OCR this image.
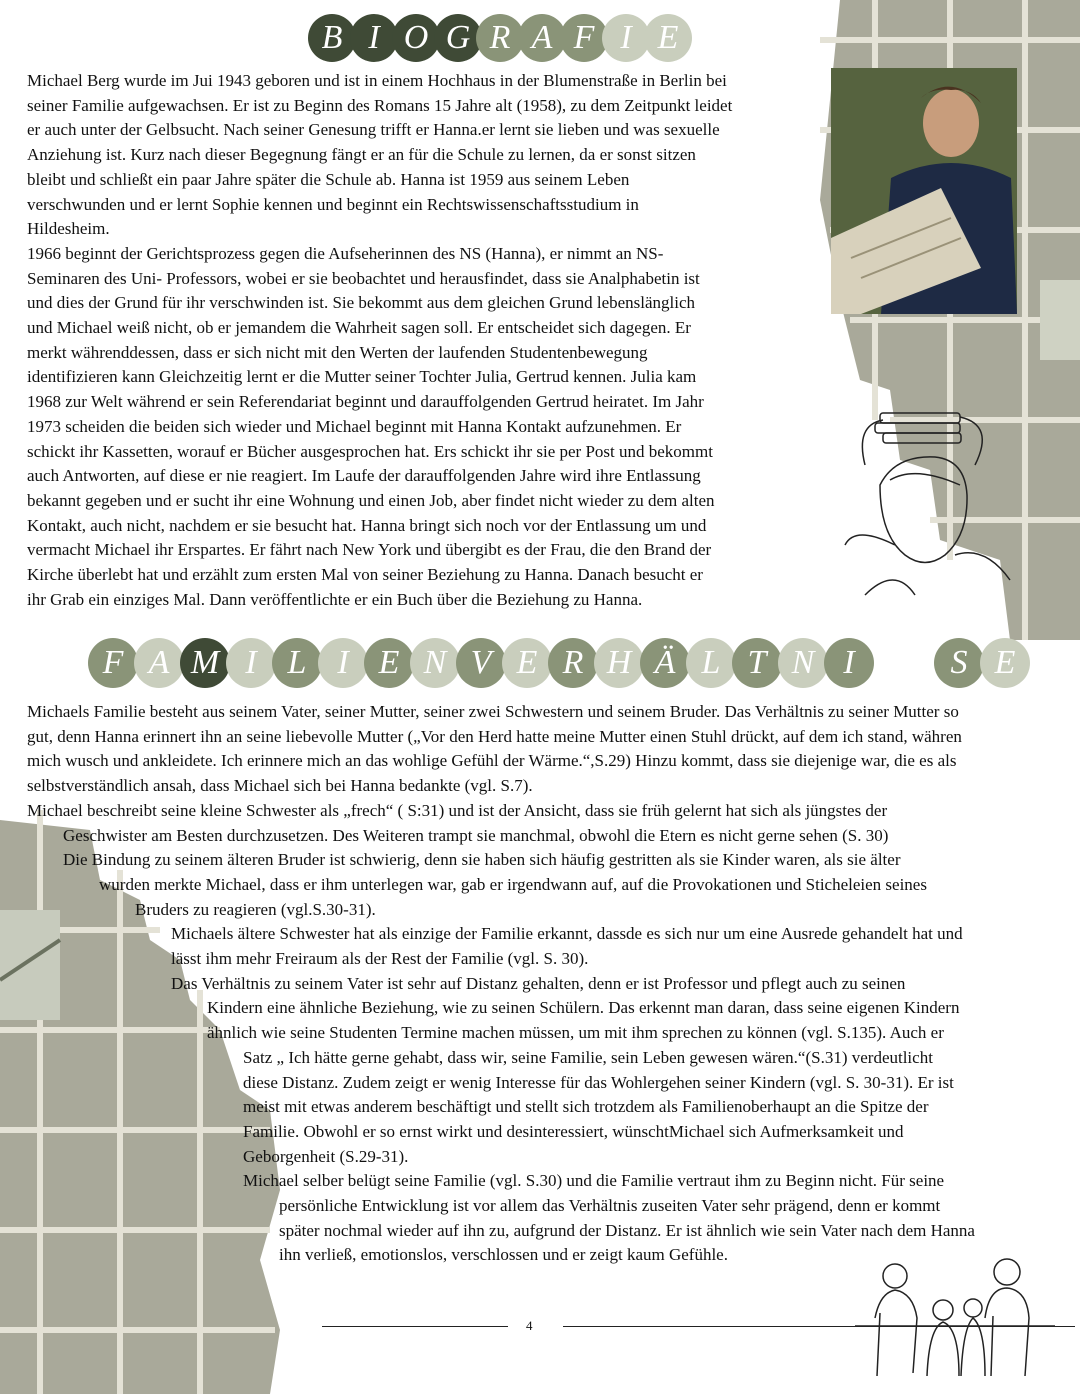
B I O G R A F I E
Michael Berg wurde im Jui 1943 geboren und ist in einem Hochhaus in der Blumenstraße in Berlin bei
seiner Familie aufgewachsen. Er ist zu Beginn des Romans 15 Jahre alt (1958), zu dem Zeitpunkt leidet
er auch unter der Gelbsucht. Nach seiner Genesung trifft er Hanna.er lernt sie lieben und was sexuelle
Anziehung ist. Kurz nach dieser Begegnung fängt er an für die Schule zu lernen, da er sonst sitzen
bleibt und schließt ein paar Jahre später die Schule ab. Hanna ist 1959 aus seinem Leben
verschwunden und er lernt Sophie kennen und beginnt ein Rechtswissenschaftsstudium in
Hildesheim.
1966 beginnt der Gerichtsprozess gegen die Aufseherinnen des NS (Hanna), er nimmt an NS-
Seminaren des Uni- Professors, wobei er sie beobachtet und herausfindet, dass sie Analphabetin ist
und dies der Grund für ihr verschwinden ist. Sie bekommt aus dem gleichen Grund lebenslänglich
und Michael weiß nicht, ob er jemandem die Wahrheit sagen soll. Er entscheidet sich dagegen. Er
merkt währenddessen, dass er sich nicht mit den Werten der laufenden Studentenbewegung
identifizieren kann Gleichzeitig lernt er die Mutter seiner Tochter Julia, Gertrud kennen. Julia kam
1968 zur Welt während er sein Referendariat beginnt und darauffolgenden Gertrud heiratet. Im Jahr
1973 scheiden die beiden sich wieder und Michael beginnt mit Hanna Kontakt aufzunehmen. Er
schickt ihr Kassetten, worauf er Bücher ausgesprochen hat. Ers schickt ihr sie per Post und bekommt
auch Antworten, auf diese er nie reagiert. Im Laufe der darauffolgenden Jahre wird ihre Entlassung
bekannt gegeben und er sucht ihr eine Wohnung und einen Job, aber findet nicht wieder zu dem alten
Kontakt, auch nicht, nachdem er sie besucht hat. Hanna bringt sich noch vor der Entlassung um und
vermacht Michael ihr Erspartes. Er fährt nach New York und übergibt es der Frau, die den Brand der
Kirche überlebt hat und erzählt zum ersten Mal von seiner Beziehung zu Hanna. Danach besucht er
ihr Grab ein einziges Mal. Dann veröffentlichte er ein Buch über die Beziehung zu Hanna.
F A M I L I E N V E R H Ä L T N I	S E
Michaels Familie besteht aus seinem Vater, seiner Mutter, seiner zwei Schwestern und seinem Bruder. Das Verhältnis zu seiner Mutter so
gut, denn Hanna erinnert ihn an seine liebevolle Mutter („Vor den Herd hatte meine Mutter einen Stuhl drückt, auf dem ich stand, währen
mich wusch und ankleidete. Ich erinnere mich an das wohlige Gefühl der Wärme.“,S.29) Hinzu kommt, dass sie diejenige war, die es als
selbstverständlich ansah, dass Michael sich bei Hanna bedankte (vgl. S.7).
Michael beschreibt seine kleine Schwester als „frech“ ( S:31) und ist der Ansicht, dass sie früh gelernt hat sich als jüngstes der
Geschwister am Besten durchzusetzen. Des Weiteren trampt sie manchmal, obwohl die Etern es nicht gerne sehen (S. 30)
Die Bindung zu seinem älteren Bruder ist schwierig, denn sie haben sich häufig gestritten als sie Kinder waren, als sie älter
wurden merkte Michael, dass er ihm unterlegen war, gab er irgendwann auf, auf die Provokationen und Sticheleien seines
Bruders zu reagieren (vgl.S.30-31).
Michaels ältere Schwester hat als einzige der Familie erkannt, dassde es sich nur um eine Ausrede gehandelt hat und
lässt ihm mehr Freiraum als der Rest der Familie (vgl. S. 30).
Das Verhältnis zu seinem Vater ist sehr auf Distanz gehalten, denn er ist Professor und pflegt auch zu seinen
Kindern eine ähnliche Beziehung, wie zu seinen Schülern. Das erkennt man daran, dass seine eigenen Kindern
ähnlich wie seine Studenten Termine machen müssen, um mit ihm sprechen zu können (vgl. S.135). Auch er
Satz „ Ich hätte gerne gehabt, dass wir, seine Familie, sein Leben gewesen wären.“(S.31) verdeutlicht
diese Distanz. Zudem zeigt er wenig Interesse für das Wohlergehen seiner Kindern (vgl. S. 30-31). Er ist
meist mit etwas anderem beschäftigt und stellt sich trotzdem als Familienoberhaupt an die Spitze der
Familie. Obwohl er so ernst wirkt und desinteressiert, wünschtMichael sich Aufmerksamkeit und
Geborgenheit (S.29-31).
Michael selber belügt seine Familie (vgl. S.30) und die Familie vertraut ihm zu Beginn nicht. Für seine
persönliche Entwicklung ist vor allem das Verhältnis zuseiten Vater sehr prägend, denn er kommt
später nochmal wieder auf ihn zu, aufgrund der Distanz. Er ist ähnlich wie sein Vater nach dem Hanna
ihn verließ, emotionslos, verschlossen und er zeigt kaum Gefühle.
4
